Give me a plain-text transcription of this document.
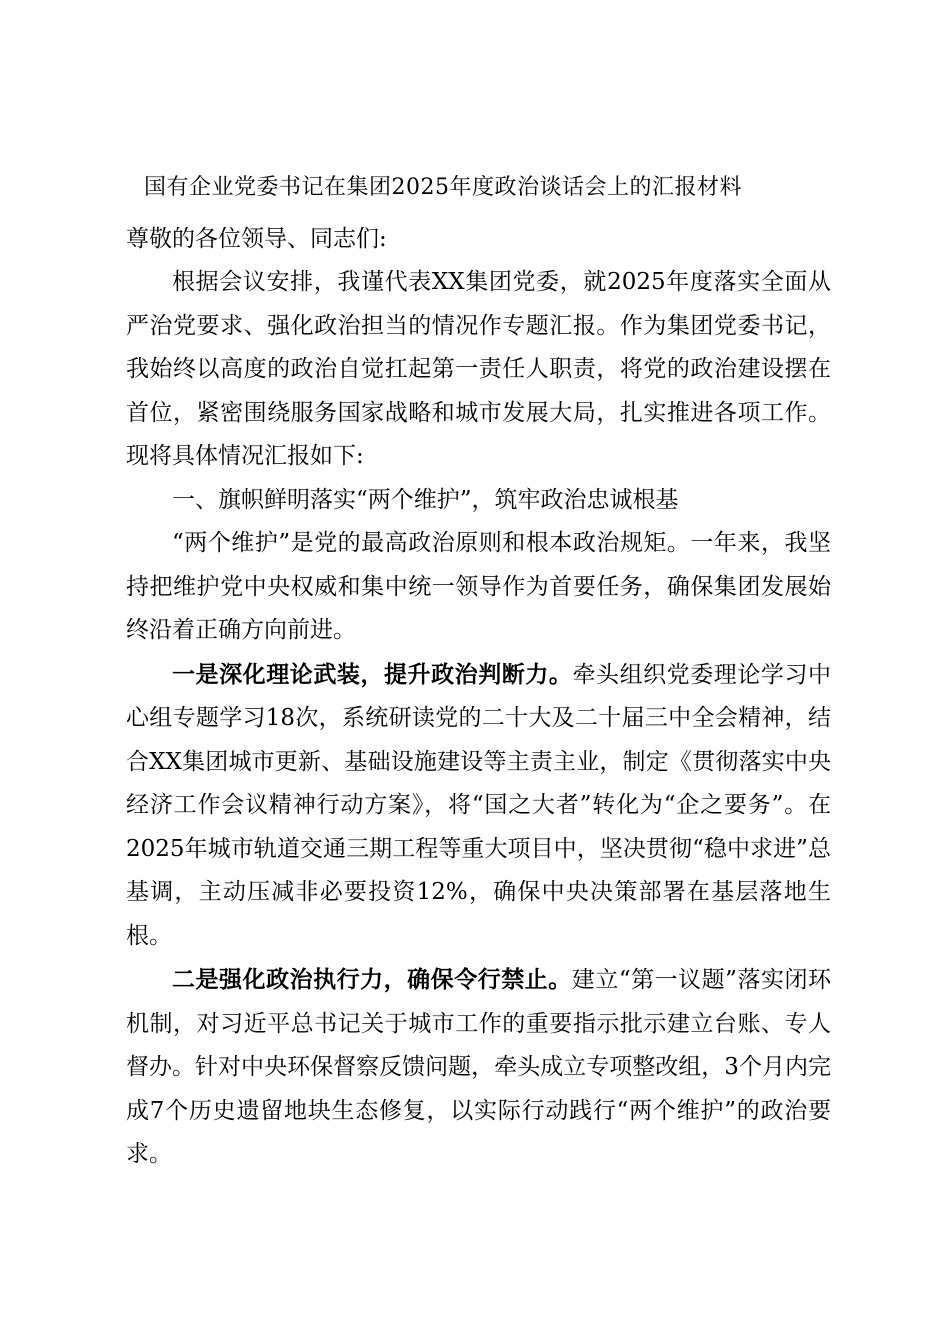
国有企业党委书记在集团2025年度政治谈话会上的汇报材料

尊敬的各位领导、同志们:

根据会议安排，我谨代表XX集团党委，就2025年度落实全面从严治党要求、强化政治担当的情况作专题汇报。作为集团党委书记，我始终以高度的政治自觉扛起第一责任人职责，将党的政治建设摆在首位，紧密围绕服务国家战略和城市发展大局，扎实推进各项工作。现将具体情况汇报如下:

一、旗帜鲜明落实“两个维护”，筑牢政治忠诚根基

“两个维护”是党的最高政治原则和根本政治规矩。一年来，我坚持把维护党中央权威和集中统一领导作为首要任务，确保集团发展始终沿着正确方向前进。

一是深化理论武装，提升政治判断力。牵头组织党委理论学习中心组专题学习18次，系统研读党的二十大及二十届三中全会精神，结合XX集团城市更新、基础设施建设等主责主业，制定《贯彻落实中央经济工作会议精神行动方案》，将“国之大者”转化为“企之要务”。在2025年城市轨道交通三期工程等重大项目中，坚决贯彻“稳中求进”总基调，主动压减非必要投资12%，确保中央决策部署在基层落地生根。

二是强化政治执行力，确保令行禁止。建立“第一议题”落实闭环机制，对习近平总书记关于城市工作的重要指示批示建立台账、专人督办。针对中央环保督察反馈问题，牵头成立专项整改组，3个月内完成7个历史遗留地块生态修复，以实际行动践行“两个维护”的政治要求。
